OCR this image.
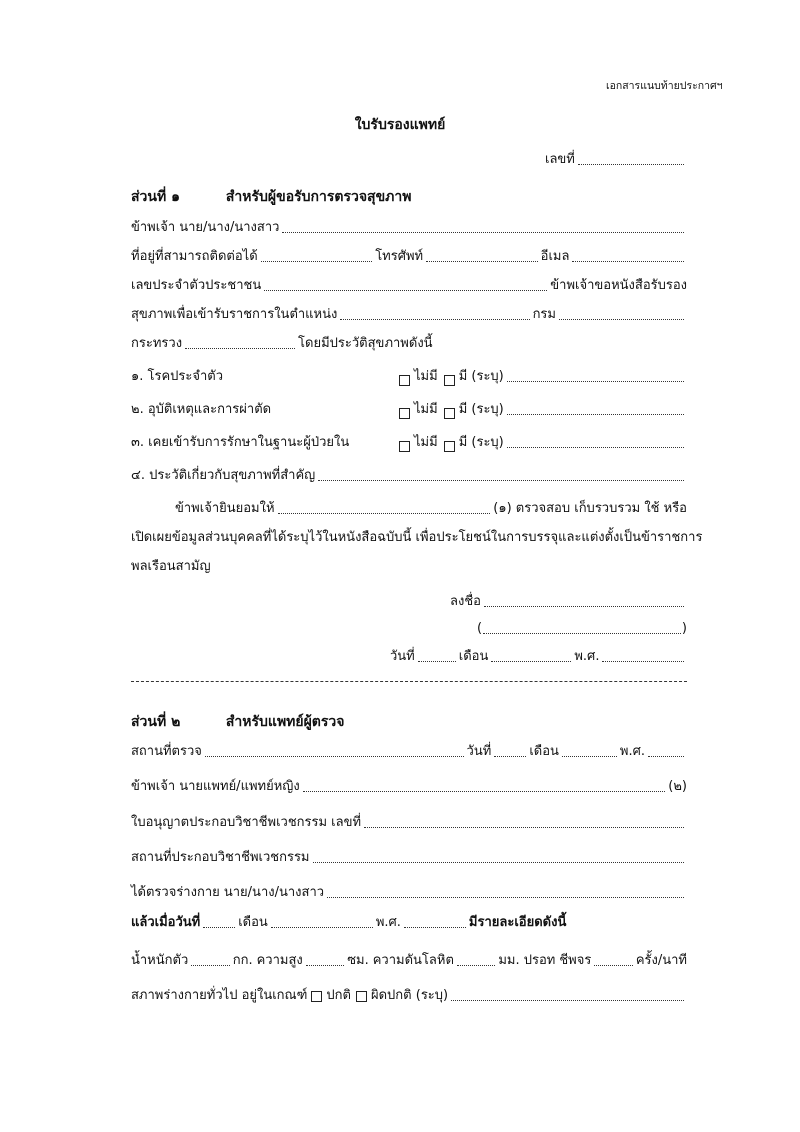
เอกสารแนบท้ายประกาศฯ
ใบรับรองแพทย์
เลขที่
ส่วนที่ ๑	สำหรับผู้ขอรับการตรวจสุขภาพ
ข้าพเจ้า นาย/นาง/นางสาว
ที่อยู่ที่สามารถติดต่อได้	โทรศัพท์	อีเมล
เลขประจำตัวประชาชน	ข้าพเจ้าขอหนังสือรับรอง
สุขภาพเพื่อเข้ารับราชการในตำแหน่ง	กรม
กระทรวง	โดยมีประวัติสุขภาพดังนี้
๑. โรคประจำตัว	ไม่มี มี (ระบุ)
๒. อุบัติเหตุและการผ่าตัด	ไม่มี มี (ระบุ)
๓. เคยเข้ารับการรักษาในฐานะผู้ป่วยใน	ไม่มี มี (ระบุ)
๔. ประวัติเกี่ยวกับสุขภาพที่สำคัญ
ข้าพเจ้ายินยอมให้	(๑) ตรวจสอบ เก็บรวบรวม ใช้ หรือ
เปิดเผยข้อมูลส่วนบุคคลที่ได้ระบุไว้ในหนังสือฉบับนี้ เพื่อประโยชน์ในการบรรจุและแต่งตั้งเป็นข้าราชการ
พลเรือนสามัญ
ลงชื่อ
(	)
วันที่	เดือน	พ.ศ.
ส่วนที่ ๒	สำหรับแพทย์ผู้ตรวจ
สถานที่ตรวจ	วันที่	เดือน	พ.ศ.
ข้าพเจ้า นายแพทย์/แพทย์หญิง	(๒)
ใบอนุญาตประกอบวิชาชีพเวชกรรม เลขที่
สถานที่ประกอบวิชาชีพเวชกรรม
ได้ตรวจร่างกาย นาย/นาง/นางสาว
แล้วเมื่อวันที่	เดือน	พ.ศ.	มีรายละเอียดดังนี้
น้ำหนักตัว	กก. ความสูง	ซม. ความดันโลหิต	มม. ปรอท ชีพจร	ครั้ง/นาที
สภาพร่างกายทั่วไป อยู่ในเกณฑ์ ปกติ ผิดปกติ (ระบุ)
